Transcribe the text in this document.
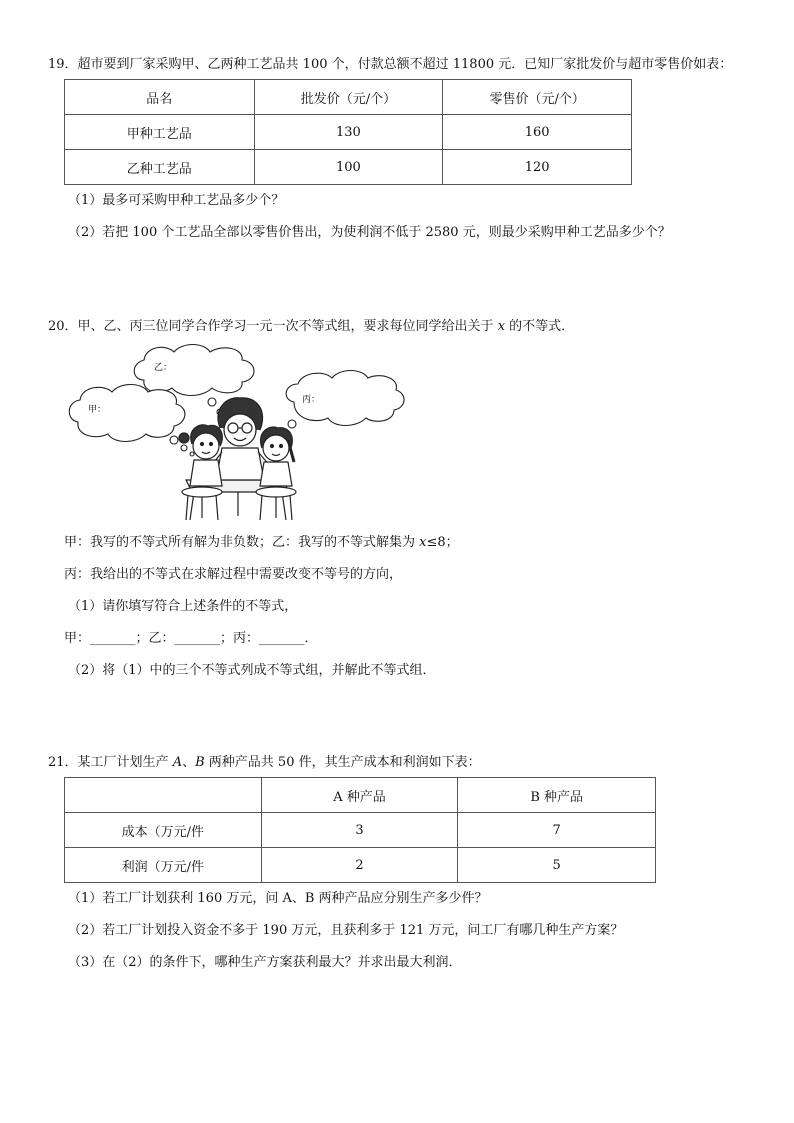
19．超市要到厂家采购甲、乙两种工艺品共 100 个，付款总额不超过 11800 元．已知厂家批发价与超市零售价如表：
品名	批发价（元/个）	零售价（元/个）
甲种工艺品	130	160
乙种工艺品	100	120
（1）最多可采购甲种工艺品多少个？
（2）若把 100 个工艺品全部以零售价售出，为使利润不低于 2580 元，则最少采购甲种工艺品多少个？
20．甲、乙、丙三位同学合作学习一元一次不等式组，要求每位同学给出关于 x 的不等式．
乙：
甲：
丙：
甲：我写的不等式所有解为非负数；乙：我写的不等式解集为 x≤8；
丙：我给出的不等式在求解过程中需要改变不等号的方向，
（1）请你填写符合上述条件的不等式，
甲：_______；乙：_______；丙：_______．
（2）将（1）中的三个不等式列成不等式组，并解此不等式组．
21．某工厂计划生产 A、B 两种产品共 50 件，其生产成本和利润如下表：
	A 种产品	B 种产品
成本（万元/件	3	7
利润（万元/件	2	5
（1）若工厂计划获利 160 万元，问 A、B 两种产品应分别生产多少件？
（2）若工厂计划投入资金不多于 190 万元，且获利多于 121 万元，问工厂有哪几种生产方案？
（3）在（2）的条件下，哪种生产方案获利最大？并求出最大利润．
